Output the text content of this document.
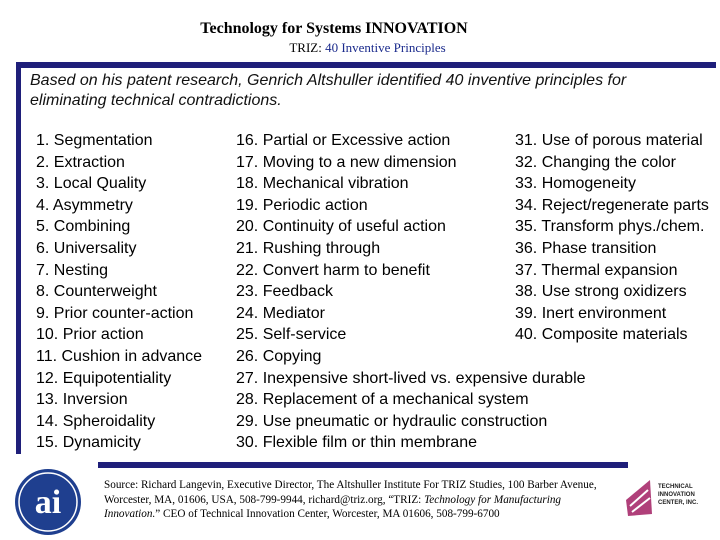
Technology for Systems INNOVATION
TRIZ: 40 Inventive Principles
Based on his patent research, Genrich Altshuller identified 40 inventive principles for eliminating technical contradictions.
1. Segmentation
2. Extraction
3. Local Quality
4. Asymmetry
5. Combining
6. Universality
7. Nesting
8. Counterweight
9. Prior counter-action
10. Prior action
11. Cushion in advance
12. Equipotentiality
13. Inversion
14. Spheroidality
15. Dynamicity
16. Partial or Excessive action
17. Moving to a new dimension
18. Mechanical vibration
19. Periodic action
20. Continuity of useful action
21. Rushing through
22. Convert harm to benefit
23. Feedback
24. Mediator
25. Self-service
26. Copying
27. Inexpensive short-lived vs. expensive durable
28. Replacement of a mechanical system
29. Use pneumatic or hydraulic construction
30. Flexible film or thin membrane
31. Use of porous material
32. Changing the color
33. Homogeneity
34. Reject/regenerate parts
35. Transform phys./chem.
36. Phase transition
37. Thermal expansion
38. Use strong oxidizers
39. Inert environment
40. Composite materials
ai	Source: Richard Langevin, Executive Director, The Altshuller Institute For TRIZ Studies, 100 Barber Avenue, Worcester, MA, 01606, USA, 508-799-9944, richard@triz.org, “TRIZ: Technology for Manufacturing Innovation.” CEO of Technical Innovation Center, Worcester, MA 01606, 508-799-6700
TECHNICAL
INNOVATION
CENTER, INC.
